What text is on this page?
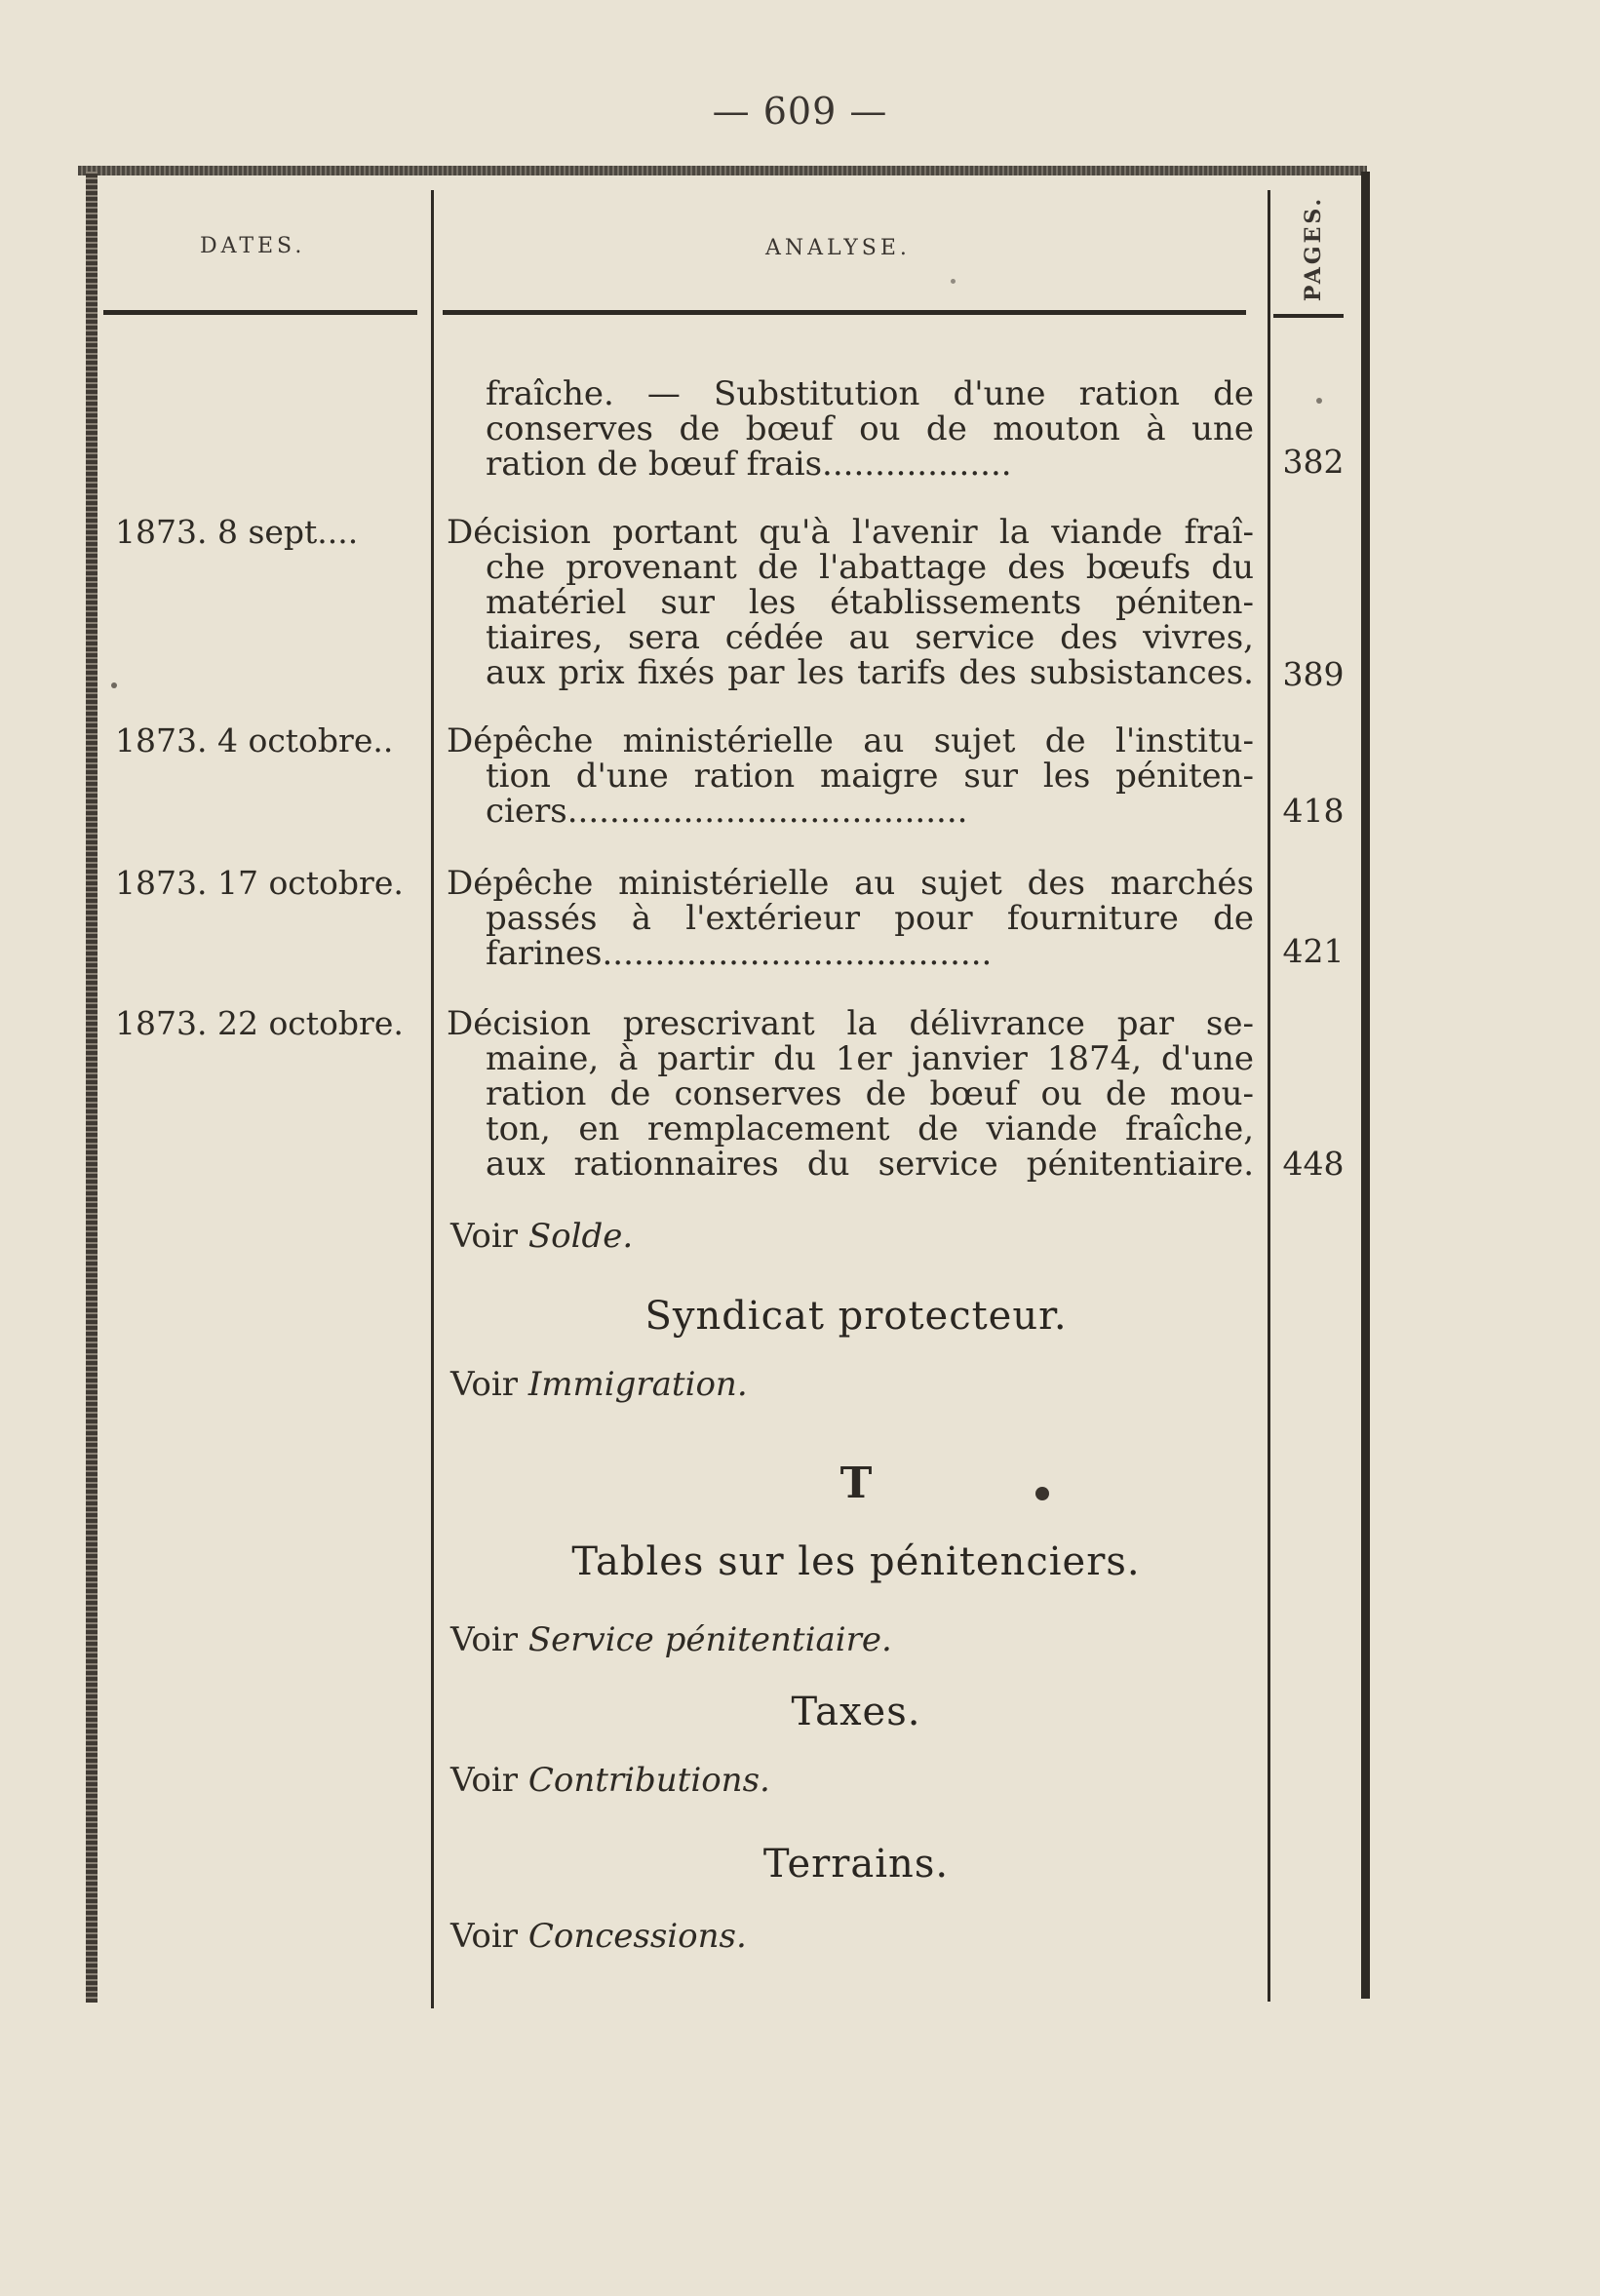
— 609 —
DATES.	ANALYSE.	PAGES.
fraîche. — Substitution d'une ration de
conserves de bœuf ou de mouton à une
ration de bœuf frais..................	382
1873. 8 sept....	Décision portant qu'à l'avenir la viande fraî-
che provenant de l'abattage des bœufs du
matériel sur les établissements péniten-
tiaires, sera cédée au service des vivres,
aux prix fixés par les tarifs des subsistances. 389
1873. 4 octobre..	Dépêche ministérielle au sujet de l'institu-
tion d'une ration maigre sur les péniten-
ciers......................................	418
1873. 17 octobre.	Dépêche ministérielle au sujet des marchés
passés à l'extérieur pour fourniture de
farines.....................................	421
1873. 22 octobre.	Décision prescrivant la délivrance par se-
maine, à partir du 1er janvier 1874, d'une
ration de conserves de bœuf ou de mou-
ton, en remplacement de viande fraîche,
aux rationnaires du service pénitentiaire. 448
Voir Solde.
Syndicat protecteur.
Voir Immigration.
T
Tables sur les pénitenciers.
Voir Service pénitentiaire.
Taxes.
Voir Contributions.
Terrains.
Voir Concessions.
